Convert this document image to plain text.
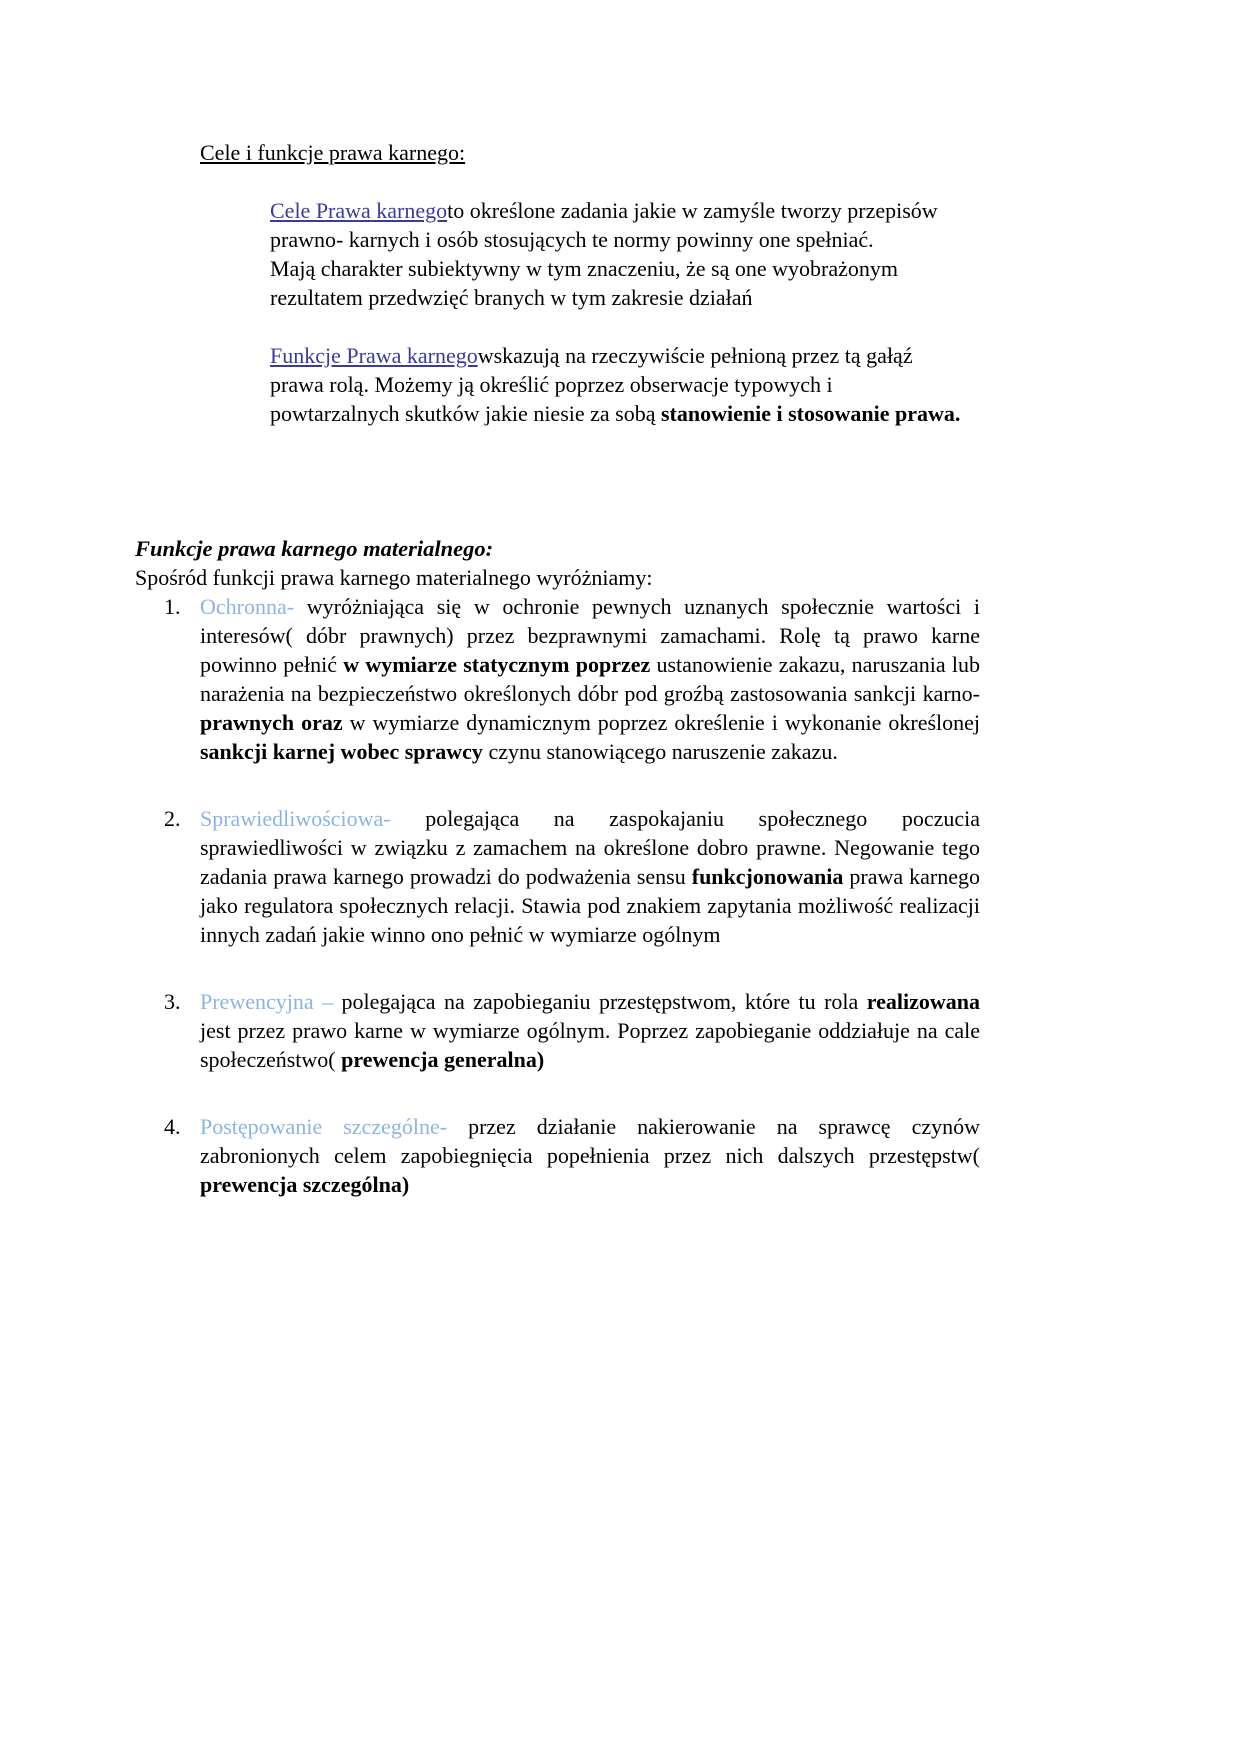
Cele i funkcje prawa karnego:

Cele Prawa karnegoto określone zadania jakie w zamyśle tworzy przepisów prawno- karnych i osób stosujących te normy powinny one spełniać.

Mają charakter subiektywny w tym znaczeniu, że są one wyobrażonym rezultatem przedwzięć branych w tym zakresie działań

Funkcje Prawa karnegowskazują na rzeczywiście pełnioną przez tą gałąź prawa rolą. Możemy ją określić poprzez obserwacje typowych i powtarzalnych skutków jakie niesie za sobą stanowienie i stosowanie prawa.

Funkcje prawa karnego materialnego:

Spośród funkcji prawa karnego materialnego wyróżniamy:

1. Ochronna- wyróżniająca się w ochronie pewnych uznanych społecznie wartości i interesów( dóbr prawnych) przez bezprawnymi zamachami. Rolę tą prawo karne powinno pełnić w wymiarze statycznym poprzez ustanowienie zakazu, naruszania lub narażenia na bezpieczeństwo określonych dóbr pod groźbą zastosowania sankcji karno-prawnych oraz w wymiarze dynamicznym poprzez określenie i wykonanie określonej sankcji karnej wobec sprawcy czynu stanowiącego naruszenie zakazu.
2. Sprawiedliwościowa- polegająca na zaspokajaniu społecznego poczucia sprawiedliwości w związku z zamachem na określone dobro prawne. Negowanie tego zadania prawa karnego prowadzi do podważenia sensu funkcjonowania prawa karnego jako regulatora społecznych relacji. Stawia pod znakiem zapytania możliwość realizacji innych zadań jakie winno ono pełnić w wymiarze ogólnym
3. Prewencyjna – polegająca na zapobieganiu przestępstwom, które tu rola realizowana jest przez prawo karne w wymiarze ogólnym. Poprzez zapobieganie oddziałuje na cale społeczeństwo( prewencja generalna)
4. Postępowanie szczególne- przez działanie nakierowanie na sprawcę czynów zabronionych celem zapobiegnięcia popełnienia przez nich dalszych przestępstw( prewencja szczególna)
